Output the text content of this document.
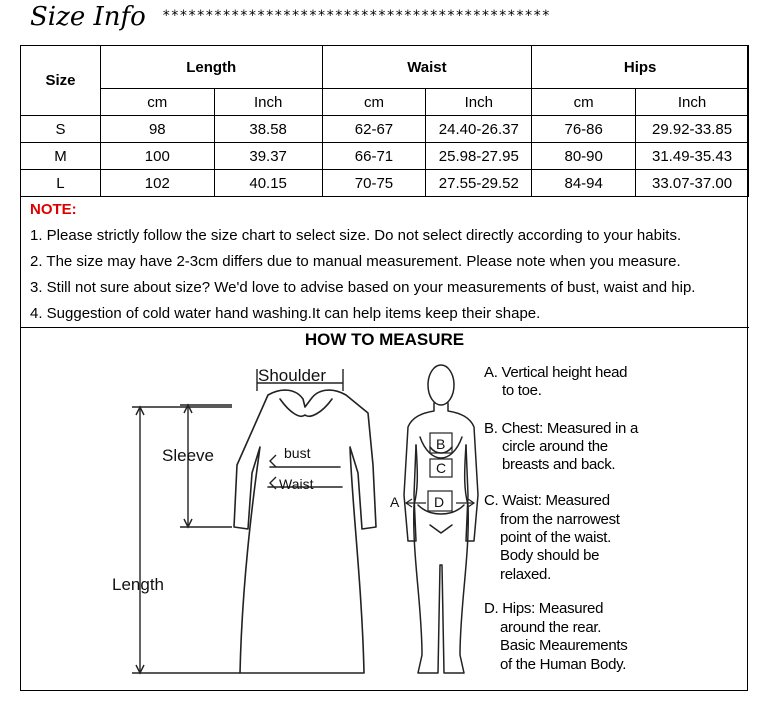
Size Info *********************************************
Size	Length		Waist		Hips	
	cm	Inch	cm	Inch	cm	Inch
S	98	38.58	62-67	24.40-26.37	76-86	29.92-33.85
M	100	39.37	66-71	25.98-27.95	80-90	31.49-35.43
L	102	40.15	70-75	27.55-29.52	84-94	33.07-37.00
NOTE:
1. Please strictly follow the size chart to select size. Do not select directly according to your habits.
2. The size may have 2-3cm differs due to manual measurement. Please note when you measure.
3. Still not sure about size? We'd love to advise based on your measurements of bust, waist and hip.
4. Suggestion of cold water hand washing.It can help items keep their shape.
HOW TO MEASURE
Shoulder
Sleeve	bust
Waist
Length
B
C
D
A
A. Vertical height head
to toe.
B. Chest: Measured in a
circle around the
breasts and back.
C. Waist: Measured
from the narrowest
point of the waist.
Body should be
relaxed.
D. Hips: Measured
around the rear.
Basic Meaurements
of the Human Body.
